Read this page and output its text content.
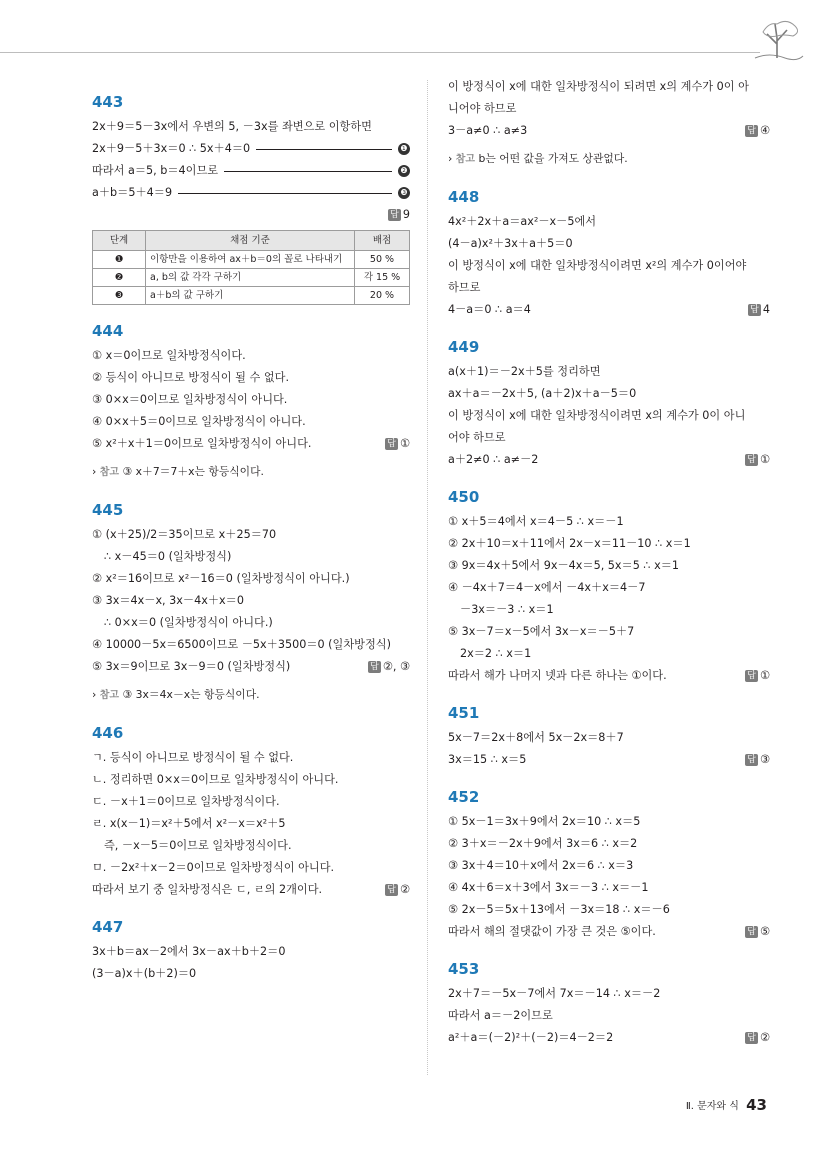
443
2x＋9＝5－3x에서 우변의 5, －3x를 좌변으로 이항하면
2x＋9－5＋3x＝0 ∴ 5x＋4＝0	❶
따라서 a＝5, b＝4이므로	❷
a＋b＝5＋4＝9	❸
답 9
단계	채점 기준	배점
❶	이항만을 이용하여 ax＋b＝0의 꼴로 나타내기	50 %
❷	a, b의 값 각각 구하기	각 15 %
❸	a＋b의 값 구하기	20 %
444
① x＝0이므로 일차방정식이다.
② 등식이 아니므로 방정식이 될 수 없다.
③ 0×x＝0이므로 일차방정식이 아니다.
④ 0×x＋5＝0이므로 일차방정식이 아니다.
⑤ x²＋x＋1＝0이므로 일차방정식이 아니다.	답 ①
› 참고 ③ x＋7＝7＋x는 항등식이다.
445
① (x＋25)/2＝35이므로 x＋25＝70
∴ x－45＝0 (일차방정식)
② x²＝16이므로 x²－16＝0 (일차방정식이 아니다.)
③ 3x＝4x－x, 3x－4x＋x＝0
∴ 0×x＝0 (일차방정식이 아니다.)
④ 10000－5x＝6500이므로 －5x＋3500＝0 (일차방정식)
⑤ 3x＝9이므로 3x－9＝0 (일차방정식)	답 ②, ③
› 참고 ③ 3x＝4x－x는 항등식이다.
446
ㄱ. 등식이 아니므로 방정식이 될 수 없다.
ㄴ. 정리하면 0×x＝0이므로 일차방정식이 아니다.
ㄷ. －x＋1＝0이므로 일차방정식이다.
ㄹ. x(x－1)＝x²＋5에서 x²－x＝x²＋5
즉, －x－5＝0이므로 일차방정식이다.
ㅁ. －2x²＋x－2＝0이므로 일차방정식이 아니다.
따라서 보기 중 일차방정식은 ㄷ, ㄹ의 2개이다.	답 ②
447
3x＋b＝ax－2에서 3x－ax＋b＋2＝0
(3－a)x＋(b＋2)＝0
이 방정식이 x에 대한 일차방정식이 되려면 x의 계수가 0이 아
니어야 하므로
3－a≠0 ∴ a≠3	답 ④
› 참고 b는 어떤 값을 가져도 상관없다.
448
4x²＋2x＋a＝ax²－x－5에서
(4－a)x²＋3x＋a＋5＝0
이 방정식이 x에 대한 일차방정식이려면 x²의 계수가 0이어야
하므로
4－a＝0 ∴ a＝4	답 4
449
a(x＋1)＝－2x＋5를 정리하면
ax＋a＝－2x＋5, (a＋2)x＋a－5＝0
이 방정식이 x에 대한 일차방정식이려면 x의 계수가 0이 아니
어야 하므로
a＋2≠0 ∴ a≠－2	답 ①
450
① x＋5＝4에서 x＝4－5 ∴ x＝－1
② 2x＋10＝x＋11에서 2x－x＝11－10 ∴ x＝1
③ 9x＝4x＋5에서 9x－4x＝5, 5x＝5 ∴ x＝1
④ －4x＋7＝4－x에서 －4x＋x＝4－7
－3x＝－3 ∴ x＝1
⑤ 3x－7＝x－5에서 3x－x＝－5＋7
2x＝2 ∴ x＝1
따라서 해가 나머지 넷과 다른 하나는 ①이다.	답 ①
451
5x－7＝2x＋8에서 5x－2x＝8＋7
3x＝15 ∴ x＝5	답 ③
452
① 5x－1＝3x＋9에서 2x＝10 ∴ x＝5
② 3＋x＝－2x＋9에서 3x＝6 ∴ x＝2
③ 3x＋4＝10＋x에서 2x＝6 ∴ x＝3
④ 4x＋6＝x＋3에서 3x＝－3 ∴ x＝－1
⑤ 2x－5＝5x＋13에서 －3x＝18 ∴ x＝－6
따라서 해의 절댓값이 가장 큰 것은 ⑤이다.	답 ⑤
453
2x＋7＝－5x－7에서 7x＝－14 ∴ x＝－2
따라서 a＝－2이므로
a²＋a＝(－2)²＋(－2)＝4－2＝2	답 ②
Ⅱ. 문자와 식 43
